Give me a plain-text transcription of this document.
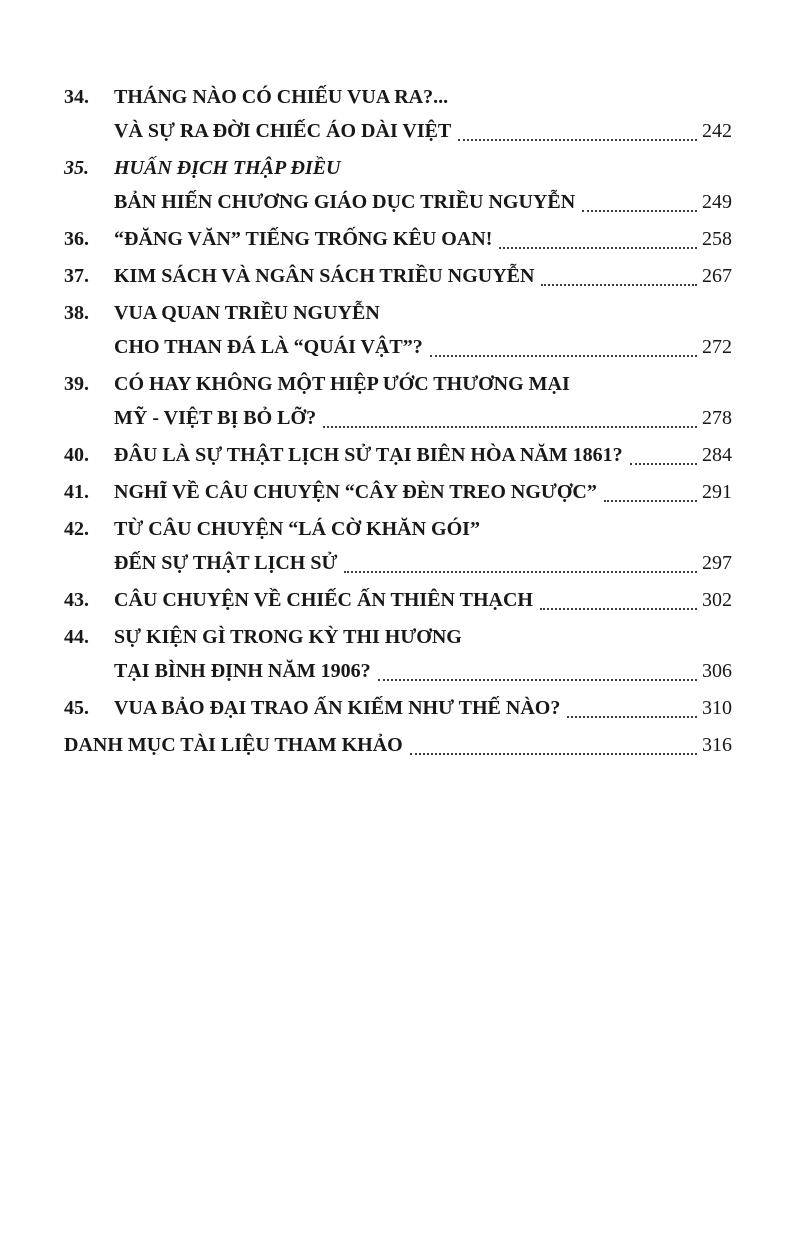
34.	THÁNG NÀO CÓ CHIẾU VUA RA?...
VÀ SỰ RA ĐỜI CHIẾC ÁO DÀI VIỆT	242
35.	HUẤN ĐỊCH THẬP ĐIỀU
BẢN HIẾN CHƯƠNG GIÁO DỤC TRIỀU NGUYỄN	249
36.	“ĐĂNG VĂN” TIẾNG TRỐNG KÊU OAN!	258
37.	KIM SÁCH VÀ NGÂN SÁCH TRIỀU NGUYỄN	267
38.	VUA QUAN TRIỀU NGUYỄN
CHO THAN ĐÁ LÀ “QUÁI VẬT”?	272
39.	CÓ HAY KHÔNG MỘT HIỆP ƯỚC THƯƠNG MẠI
MỸ - VIỆT BỊ BỎ LỠ?	278
40.	ĐÂU LÀ SỰ THẬT LỊCH SỬ TẠI BIÊN HÒA NĂM 1861?	284
41.	NGHĨ VỀ CÂU CHUYỆN “CÂY ĐÈN TREO NGƯỢC”	291
42.	TỪ CÂU CHUYỆN “LÁ CỜ KHĂN GÓI”
ĐẾN SỰ THẬT LỊCH SỬ	297
43.	CÂU CHUYỆN VỀ CHIẾC ẤN THIÊN THẠCH	302
44.	SỰ KIỆN GÌ TRONG KỲ THI HƯƠNG
TẠI BÌNH ĐỊNH NĂM 1906?	306
45.	VUA BẢO ĐẠI TRAO ẤN KIẾM NHƯ THẾ NÀO?	310
DANH MỤC TÀI LIỆU THAM KHẢO	316
